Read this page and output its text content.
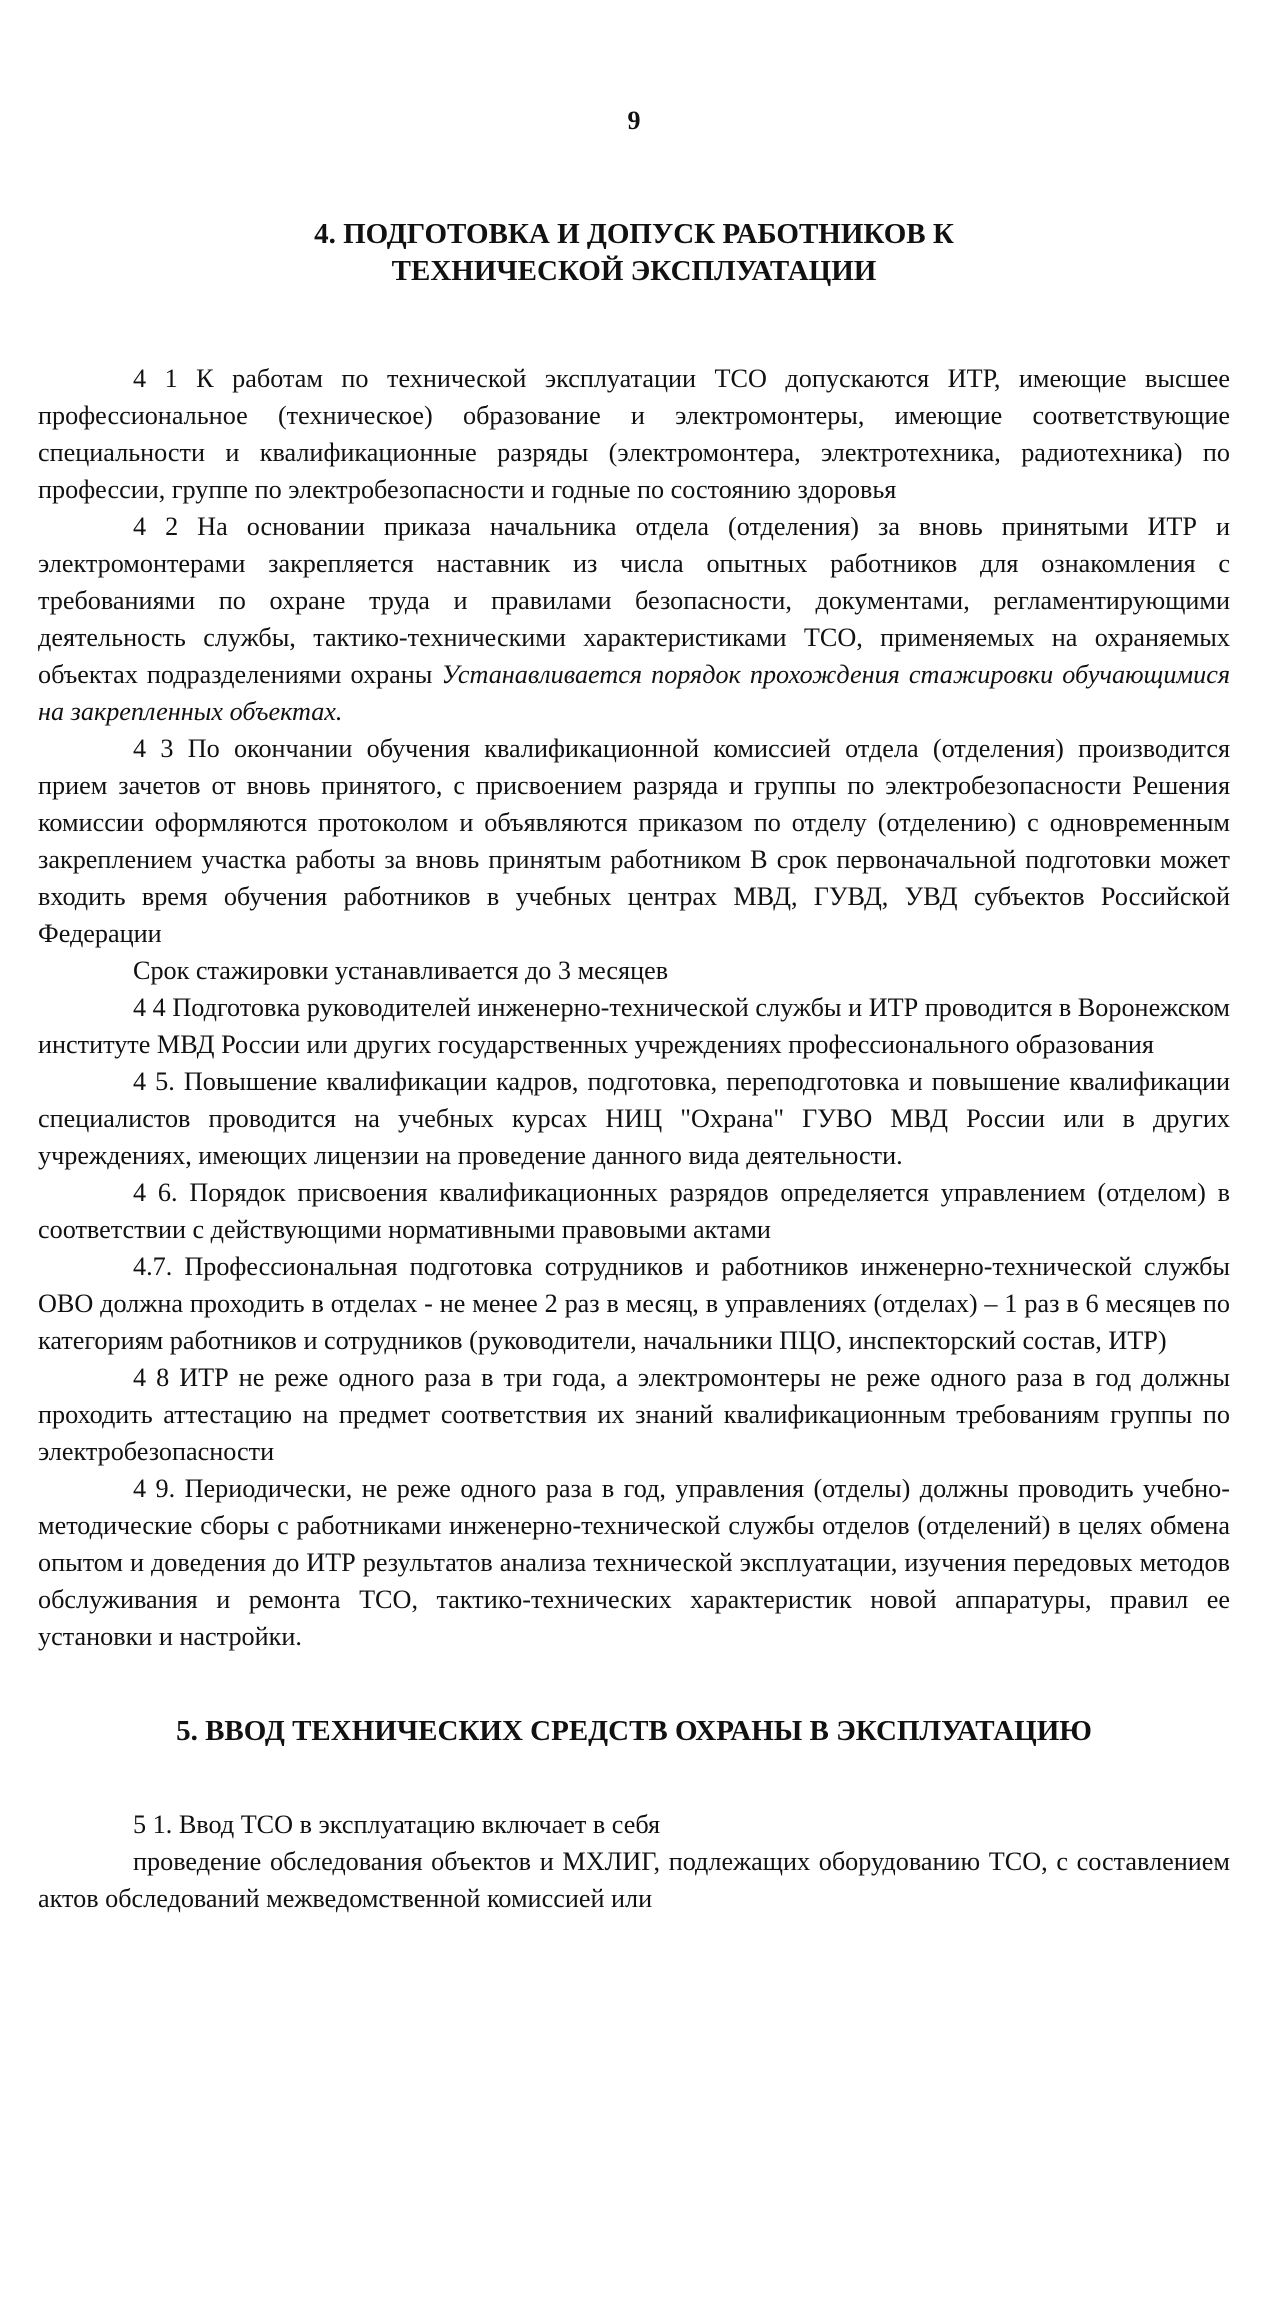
9
4. ПОДГОТОВКА И ДОПУСК РАБОТНИКОВ К
ТЕХНИЧЕСКОЙ ЭКСПЛУАТАЦИИ

4 1 К работам по технической эксплуатации ТСО допускаются ИТР, имеющие высшее профессиональное (техническое) образование и электромонтеры, имеющие соответствующие специальности и квалификационные разряды (электромонтера, электротехника, радиотехника) по профессии, группе по электробезопасности и годные по состоянию здоровья

4 2 На основании приказа начальника отдела (отделения) за вновь принятыми ИТР и электромонтерами закрепляется наставник из числа опытных работников для ознакомления с требованиями по охране труда и правилами безопасности, документами, регламентирующими деятельность службы, тактико-техническими характеристиками ТСО, применяемых на охраняемых объектах подразделениями охраны Устанавливается порядок прохождения стажировки обучающимися на закрепленных объектах.

4 3 По окончании обучения квалификационной комиссией отдела (отделения) производится прием зачетов от вновь принятого, с присвоением разряда и группы по электробезопасности Решения комиссии оформляются протоколом и объявляются приказом по отделу (отделению) с одновременным закреплением участка работы за вновь принятым работником В срок первоначальной подготовки может входить время обучения работников в учебных центрах МВД, ГУВД, УВД субъектов Российской Федерации

Срок стажировки устанавливается до 3 месяцев

4 4 Подготовка руководителей инженерно-технической службы и ИТР проводится в Воронежском институте МВД России или других государственных учреждениях профессионального образования

4 5. Повышение квалификации кадров, подготовка, переподготовка и повышение квалификации специалистов проводится на учебных курсах НИЦ "Охрана" ГУВО МВД России или в других учреждениях, имеющих лицензии на проведение данного вида деятельности.

4 6. Порядок присвоения квалификационных разрядов определяется управлением (отделом) в соответствии с действующими нормативными правовыми актами

4.7. Профессиональная подготовка сотрудников и работников инженерно-технической службы ОВО должна проходить в отделах - не менее 2 раз в месяц, в управлениях (отделах) – 1 раз в 6 месяцев по категориям работников и сотрудников (руководители, начальники ПЦО, инспекторский состав, ИТР)

4 8 ИТР не реже одного раза в три года, а электромонтеры не реже одного раза в год должны проходить аттестацию на предмет соответствия их знаний квалификационным требованиям группы по электробезопасности

4 9. Периодически, не реже одного раза в год, управления (отделы) должны проводить учебно-методические сборы с работниками инженерно-технической службы отделов (отделений) в целях обмена опытом и доведения до ИТР результатов анализа технической эксплуатации, изучения передовых методов обслуживания и ремонта ТСО, тактико-технических характеристик новой аппаратуры, правил ее установки и настройки.

5. ВВОД ТЕХНИЧЕСКИХ СРЕДСТВ ОХРАНЫ В ЭКСПЛУАТАЦИЮ

5 1. Ввод ТСО в эксплуатацию включает в себя

проведение обследования объектов и МХЛИГ, подлежащих оборудованию ТСО, с составлением актов обследований межведомственной комиссией или
